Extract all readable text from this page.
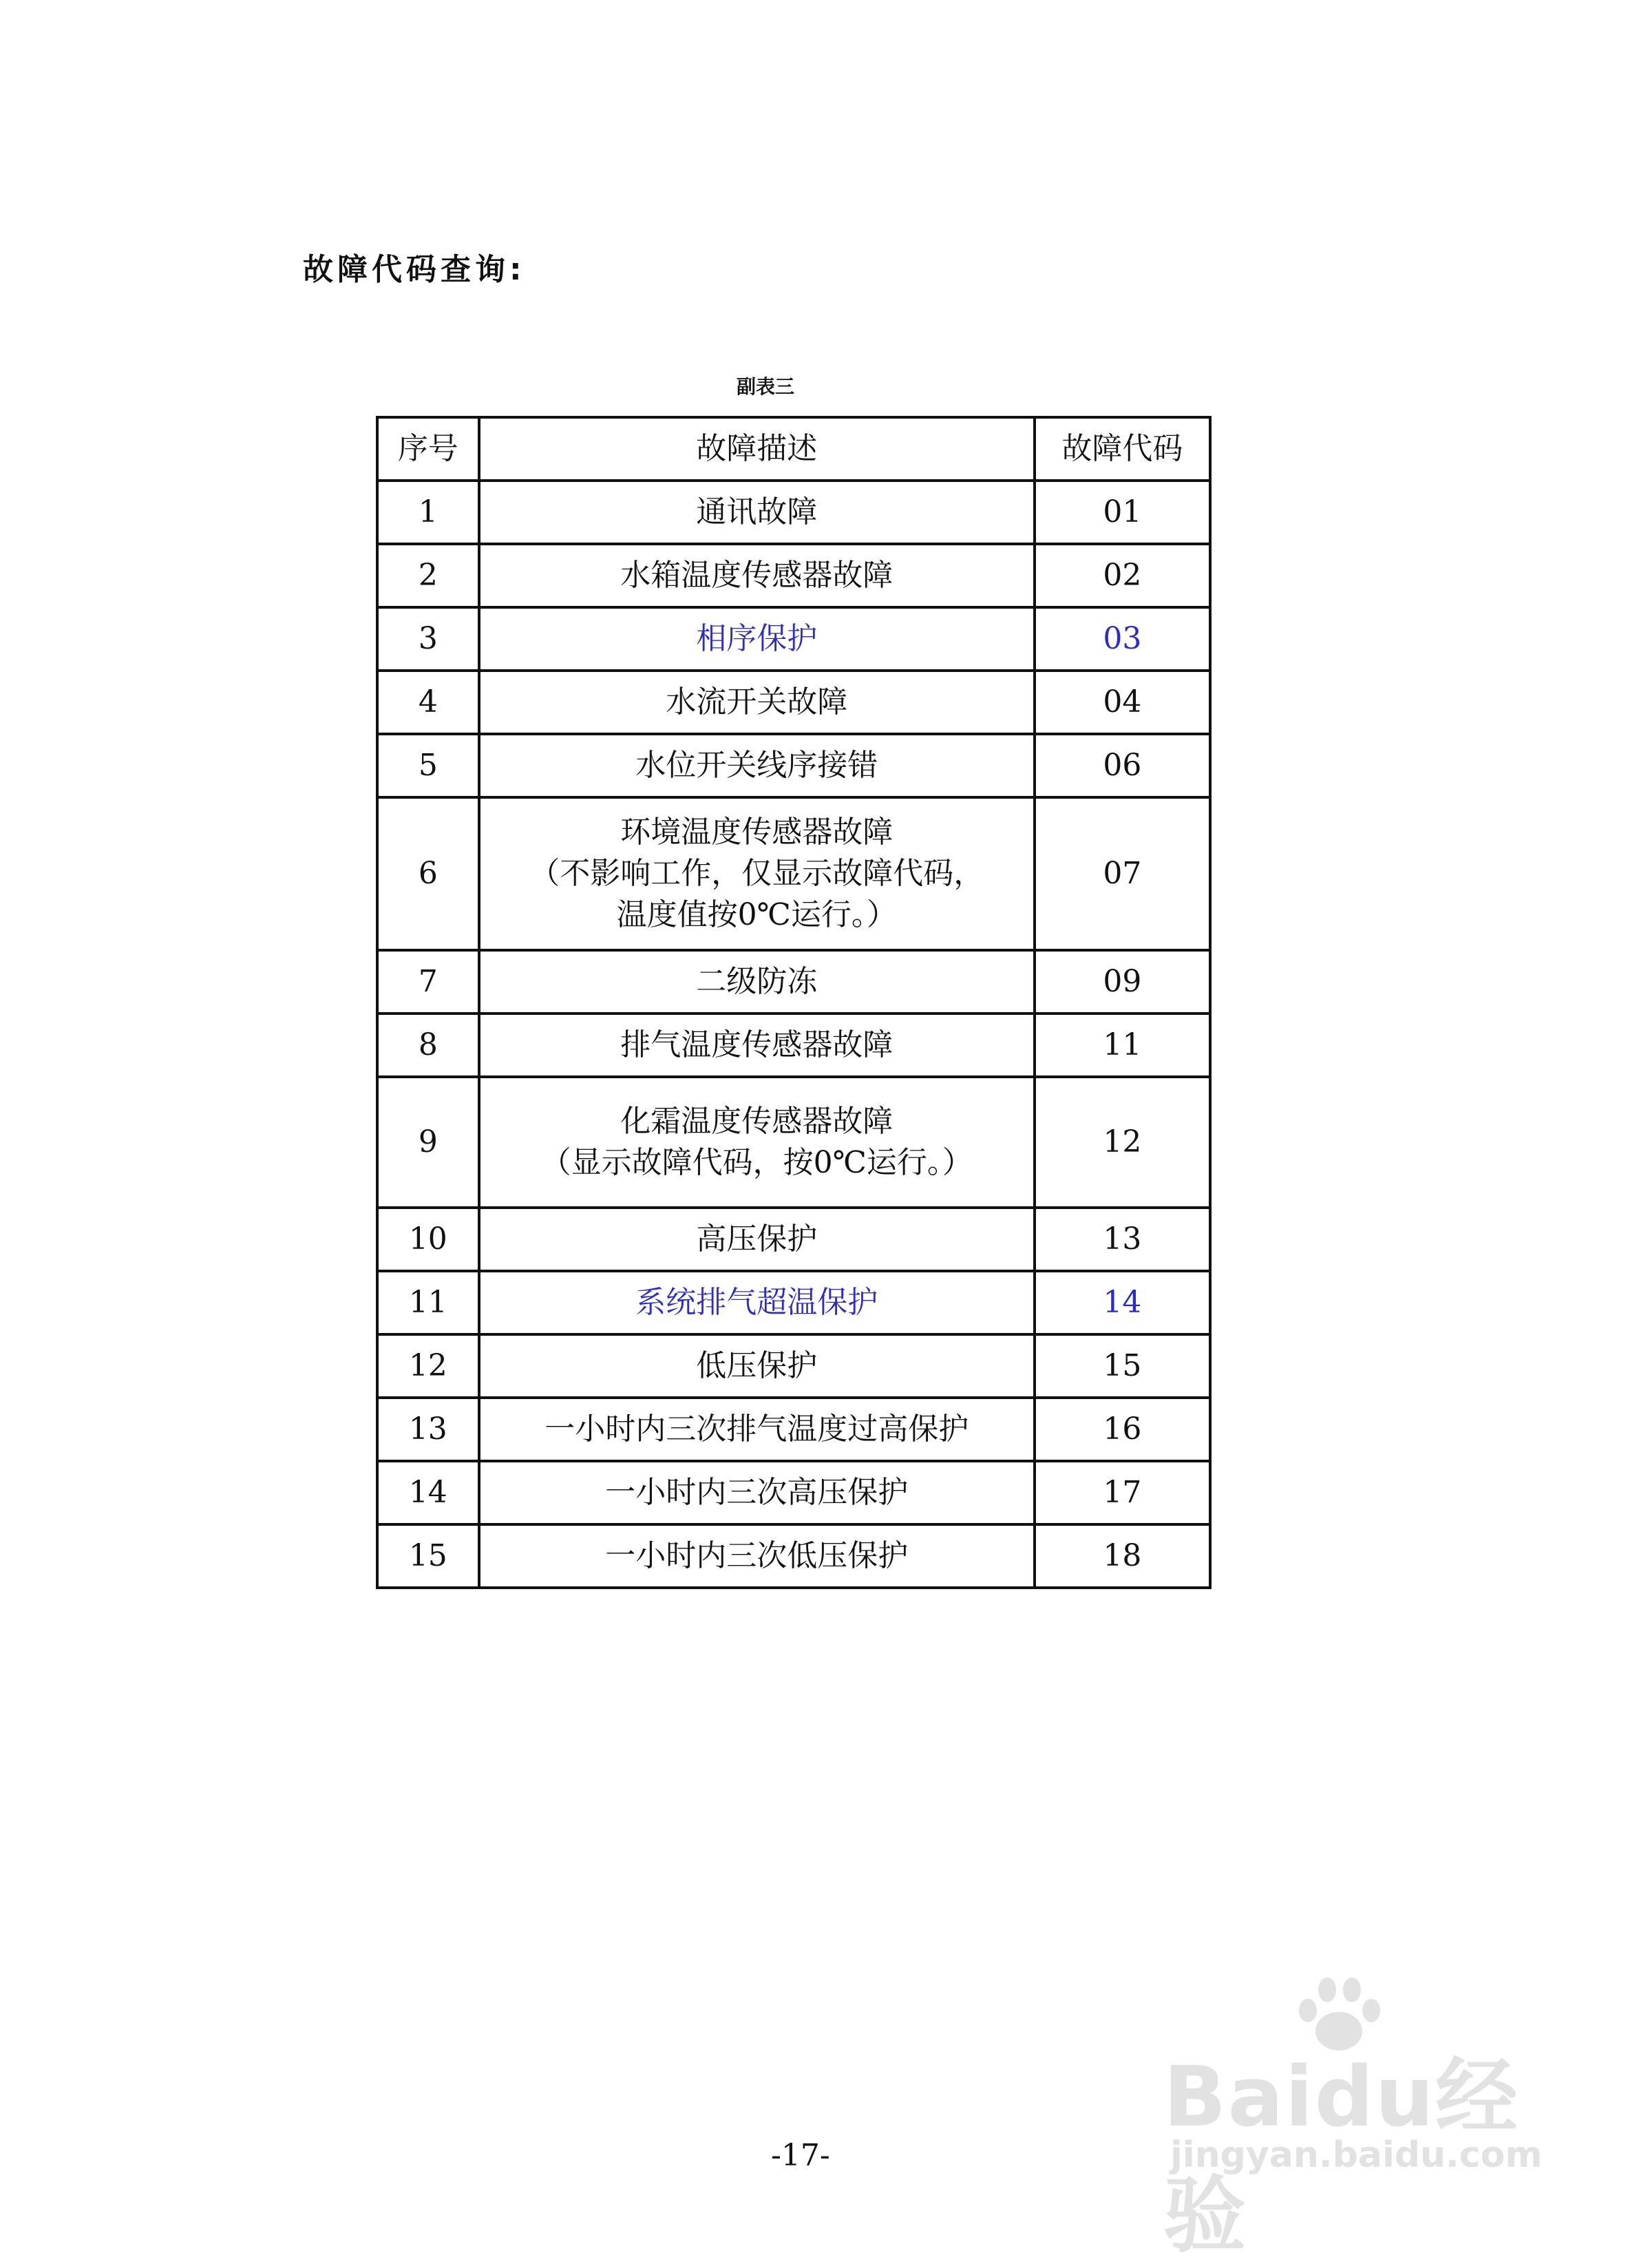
故障代码查询:
副表三
序号	故障描述	故障代码
1	通讯故障	01
2	水箱温度传感器故障	02
3	相序保护	03
4	水流开关故障	04
5	水位开关线序接错	06
6	环境温度传感器故障
（不影响工作，仅显示故障代码，
温度值按0℃运行。）	07
7	二级防冻	09
8	排气温度传感器故障	11
9	化霜温度传感器故障
（显示故障代码，按0℃运行。）	12
10	高压保护	13
11	系统排气超温保护	14
12	低压保护	15
13	一小时内三次排气温度过高保护	16
14	一小时内三次高压保护	17
15	一小时内三次低压保护	18
-17-
Baidu经验
jingyan.baidu.com
